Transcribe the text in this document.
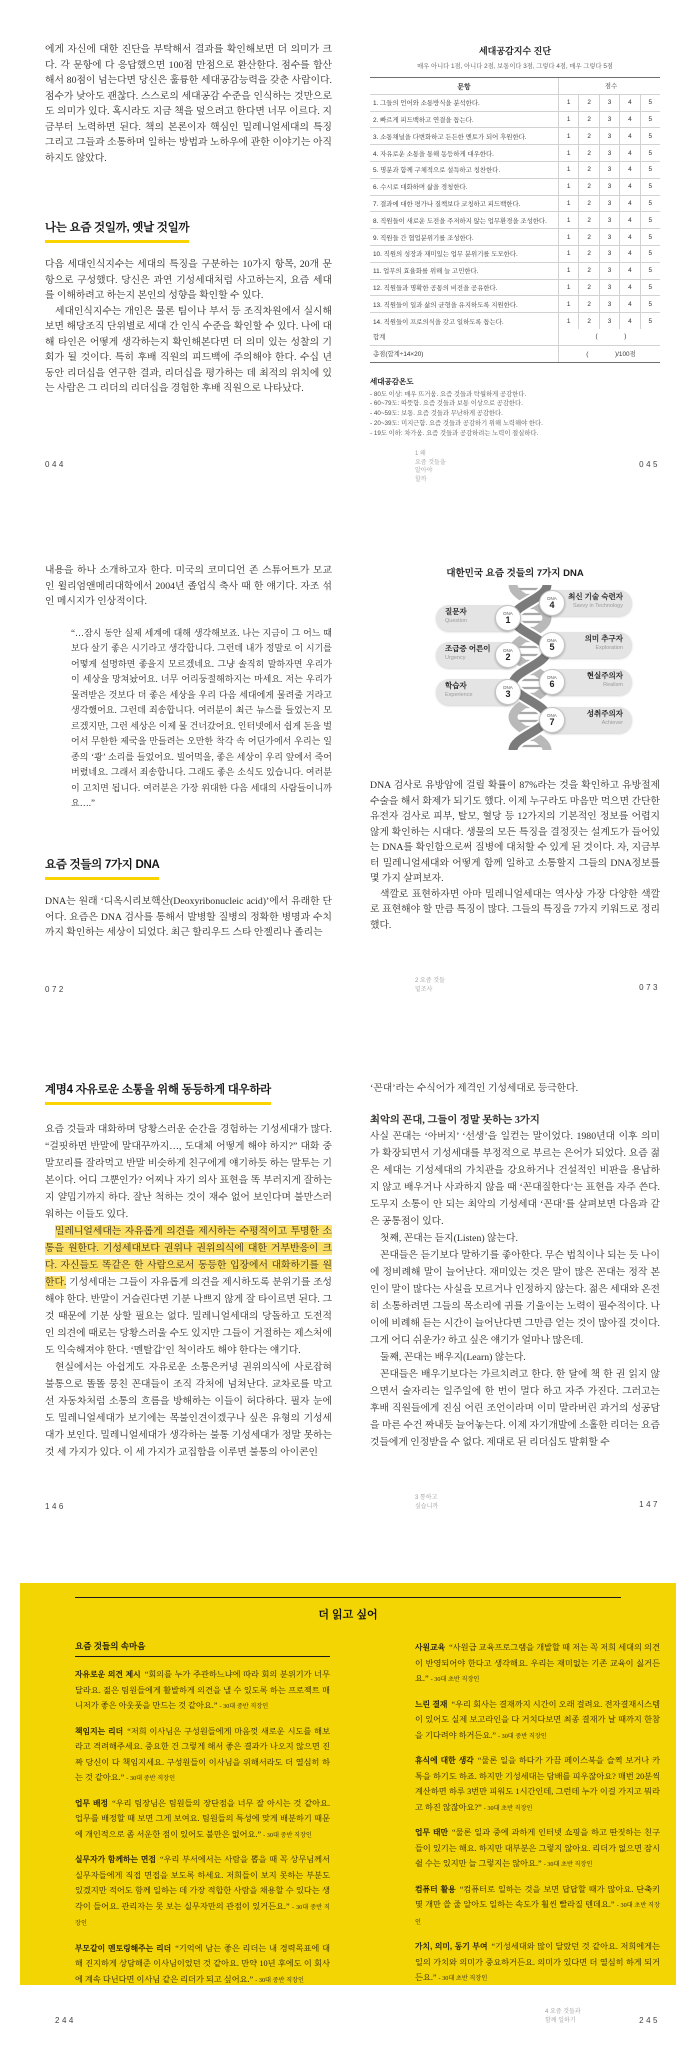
에게 자신에 대한 진단을 부탁해서 결과를 확인해보면 더 의미가 크다. 각 문항에 다 응답했으면 100점 만점으로 환산한다. 점수를 합산해서 80점이 넘는다면 당신은 훌륭한 세대공감능력을 갖춘 사람이다. 점수가 낮아도 괜찮다. 스스로의 세대공감 수준을 인식하는 것만으로도 의미가 있다. 혹시라도 지금 책을 덮으려고 한다면 너무 이르다. 지금부터 노력하면 된다. 책의 본론이자 핵심인 밀레니얼세대의 특징 그리고 그들과 소통하며 일하는 방법과 노하우에 관한 이야기는 아직 하지도 않았다.

나는 요즘 것일까, 옛날 것일까

다음 세대인식지수는 세대의 특징을 구분하는 10가지 항목, 20개 문항으로 구성했다. 당신은 과연 기성세대처럼 사고하는지, 요즘 세대를 이해하려고 하는지 본인의 성향을 확인할 수 있다.

세대인식지수는 개인은 물론 팀이나 부서 등 조직차원에서 실시해보면 해당조직 단위별로 세대 간 인식 수준을 확인할 수 있다. 나에 대해 타인은 어떻게 생각하는지 확인해본다면 더 의미 있는 성찰의 기회가 될 것이다. 특히 후배 직원의 피드백에 주의해야 한다. 수십 년 동안 리더십을 연구한 결과, 리더십을 평가하는 데 최적의 위치에 있는 사람은 그 리더의 리더십을 경험한 후배 직원으로 나타났다.

세대공감지수 진단
매우 아니다 1점, 아니다 2점, 보통이다 3점, 그렇다 4점, 매우 그렇다 5점
문항	점수
1. 그들의 언어와 소통방식을 분석한다.	1	2	3	4	5
2. 빠르게 피드백하고 연결을 돕는다.	1	2	3	4	5
3. 소통채널을 다변화하고 든든한 멘토가 되어 후원한다.	1	2	3	4	5
4. 자유로운 소통을 통해 동등하게 대우한다.	1	2	3	4	5
5. 명분과 함께 구체적으로 설득하고 칭찬한다.	1	2	3	4	5
6. 수시로 대화하며 삶을 경청한다.	1	2	3	4	5
7. 결과에 대한 평가나 질책보다 코칭하고 피드백한다.	1	2	3	4	5
8. 직원들이 새로운 도전을 주저하지 않는 업무환경을 조성한다.	1	2	3	4	5
9. 직원들 간 협업분위기를 조성한다.	1	2	3	4	5
10. 직원의 성장과 재미있는 업무 분위기를 도모한다.	1	2	3	4	5
11. 업무의 효율화를 위해 늘 고민한다.	1	2	3	4	5
12. 직원들과 명확한 공통의 비전을 공유한다.	1	2	3	4	5
13. 직원들이 일과 삶의 균형을 유지하도록 지원한다.	1	2	3	4	5
14. 직원들이 프로의식을 갖고 일하도록 돕는다.	1	2	3	4	5
합계	(               )
총점(합계÷14×20)	(               )/100점
세대공감온도
- 80도 이상: 매우 뜨거움. 요즘 것들과 탁월하게 공감한다.
- 60~79도: 따뜻함. 요즘 것들과 보통 이상으로 공감한다.
- 40~59도: 보통. 요즘 것들과 무난하게 공감한다.
- 20~39도: 미지근함. 요즘 것들과 공감하기 위해 노력해야 한다.
- 19도 이하: 차가움. 요즘 것들과 공감하려는 노력이 절실하다.
044
1 왜
요즘 것들을
알아야
할까
045

내용을 하나 소개하고자 한다. 미국의 코미디언 존 스튜어트가 모교인 윌리엄앤메리대학에서 2004년 졸업식 축사 때 한 얘기다. 자조 섞인 메시지가 인상적이다.

“…잠시 동안 실제 세계에 대해 생각해보죠. 나는 지금이 그 어느 때보다 살기 좋은 시기라고 생각합니다. 그런데 내가 정말로 이 시기를 어떻게 설명하면 좋을지 모르겠네요. 그냥 솔직히 말하자면 우리가 이 세상을 망쳐놨어요. 너무 어리둥절해하지는 마세요. 저는 우리가 물려받은 것보다 더 좋은 세상을 우리 다음 세대에게 물려줄 거라고 생각했어요. 그런데 죄송합니다. 여러분이 최근 뉴스를 들었는지 모르겠지만, 그런 세상은 이제 물 건너갔어요. 인터넷에서 쉽게 돈을 벌어서 무한한 제국을 만들려는 오만한 착각 속 어딘가에서 우리는 일종의 ‘쾅’ 소리를 들었어요. 빌어먹을, 좋은 세상이 우리 앞에서 죽어버렸네요. 그래서 죄송합니다. 그래도 좋은 소식도 있습니다. 여러분이 고치면 됩니다. 여러분은 가장 위대한 다음 세대의 사람들이니까요….”

요즘 것들의 7가지 DNA

DNA는 원래 ‘디옥시리보핵산(Deoxyribonucleic acid)’에서 유래한 단어다. 요즘은 DNA 검사를 통해서 발병할 질병의 정확한 병명과 수치까지 확인하는 세상이 되었다. 최근 할리우드 스타 안젤리나 졸리는

대한민국 요즘 것들의 7가지 DNA
질문자
Question
조급증 어른이
Urgency
학습자
Experience
최신 기술 숙련자
Savvy in Technology
의미 추구자
Exploration
현실주의자
Realism
성취주의자
Achiever
DNA
1
DNA
2
DNA
3
DNA
4
DNA
5
DNA
6
DNA
7

DNA 검사로 유방암에 걸릴 확률이 87%라는 것을 확인하고 유방절제수술을 해서 화제가 되기도 했다. 이제 누구라도 마음만 먹으면 간단한 유전자 검사로 피부, 탈모, 혈당 등 12가지의 기본적인 정보를 어렵지 않게 확인하는 시대다. 생물의 모든 특징을 결정짓는 설계도가 들어있는 DNA를 확인함으로써 질병에 대처할 수 있게 된 것이다. 자, 지금부터 밀레니얼세대와 어떻게 함께 일하고 소통할지 그들의 DNA정보를 몇 가지 살펴보자.

색깔로 표현하자면 아마 밀레니얼세대는 역사상 가장 다양한 색깔로 표현해야 할 만큼 특징이 많다. 그들의 특징을 7가지 키워드로 정리했다.

072
2 요즘 것들
밑조사	073

계명4 자유로운 소통을 위해 동등하게 대우하라

요즘 것들과 대화하며 당황스러운 순간을 경험하는 기성세대가 많다. “걸핏하면 반말에 말대꾸까지…, 도대체 어떻게 해야 하지?” 대화 중 말꼬리를 잘라먹고 반말 비슷하게 친구에게 얘기하듯 하는 말투는 기본이다. 어디 그뿐인가? 어찌나 자기 의사 표현을 똑 부러지게 잘하는지 얄밉기까지 하다. 잘난 척하는 것이 재수 없어 보인다며 불만스러워하는 이들도 있다.

밀레니얼세대는 자유롭게 의견을 제시하는 수평적이고 투명한 소통을 원한다. 기성세대보다 권위나 권위의식에 대한 거부반응이 크다. 자신들도 똑같은 한 사람으로서 동등한 입장에서 대화하기를 원한다. 기성세대는 그들이 자유롭게 의견을 제시하도록 분위기를 조성해야 한다. 반말이 거슬린다면 기분 나쁘지 않게 잘 타이르면 된다. 그것 때문에 기분 상할 필요는 없다. 밀레니얼세대의 당돌하고 도전적인 의견에 때로는 당황스러울 수도 있지만 그들이 거절하는 제스처에도 익숙해져야 한다. ‘멘탈갑’인 척이라도 해야 한다는 얘기다.

현실에서는 아쉽게도 자유로운 소통은커녕 권위의식에 사로잡혀 불통으로 똘똘 뭉친 꼰대들이 조직 각처에 넘쳐난다. 교차로를 막고 선 자동차처럼 소통의 흐름을 방해하는 이들이 허다하다. 필자 눈에도 밀레니얼세대가 보기에는 목불인견이겠구나 싶은 유형의 기성세대가 보인다. 밀레니얼세대가 생각하는 불통 기성세대가 정말 못하는 것 세 가지가 있다. 이 세 가지가 교집합을 이루면 불통의 아이콘인

‘꼰대’라는 수식어가 제격인 기성세대로 등극한다.

최악의 꼰대, 그들이 정말 못하는 3가지

사실 꼰대는 ‘아버지’ ‘선생’을 일컫는 말이었다. 1980년대 이후 의미가 확장되면서 기성세대를 부정적으로 부르는 은어가 되었다. 요즘 젊은 세대는 기성세대의 가치관을 강요하거나 건설적인 비판을 용납하지 않고 배우거나 사과하지 않을 때 ‘꼰대질한다’는 표현을 자주 쓴다. 도무지 소통이 안 되는 최악의 기성세대 ‘꼰대’를 살펴보면 다음과 같은 공통점이 있다.

첫째, 꼰대는 듣지(Listen) 않는다.

꼰대들은 듣기보다 말하기를 좋아한다. 무슨 법칙이나 되는 듯 나이에 정비례해 말이 늘어난다. 재미있는 것은 말이 많은 꼰대는 정작 본인이 말이 많다는 사실을 모르거나 인정하지 않는다. 젊은 세대와 온전히 소통하려면 그들의 목소리에 귀를 기울이는 노력이 필수적이다. 나이에 비례해 듣는 시간이 늘어난다면 그만큼 얻는 것이 많아질 것이다. 그게 어디 쉬운가? 하고 싶은 얘기가 얼마나 많은데.

둘째, 꼰대는 배우지(Learn) 않는다.

꼰대들은 배우기보다는 가르치려고 한다. 한 달에 책 한 권 읽지 않으면서 술자리는 일주일에 한 번이 멀다 하고 자주 가진다. 그러고는 후배 직원들에게 진심 어린 조언이라며 이미 말라버린 과거의 성공담을 마른 수건 짜내듯 늘어놓는다. 이제 자기개발에 소홀한 리더는 요즘 것들에게 인정받을 수 없다. 제대로 된 리더십도 발휘할 수

146
3 통하고
싶습니까	147
더 읽고 싶어
요즘 것들의 속마음

자유로운 의견 제시 “회의를 누가 주관하느냐에 따라 회의 분위기가 너무 달라요. 젊은 팀원들에게 활발하게 의견을 낼 수 있도록 하는 프로젝트 매니저가 좋은 아웃풋을 만드는 것 같아요.” - 30대 중반 직장인

책임지는 리더 “저희 이사님은 구성원들에게 마음껏 새로운 시도를 해보라고 격려해주세요. 중요한 건 그렇게 해서 좋은 결과가 나오지 않으면 진짜 당신이 다 책임지세요. 구성원들이 이사님을 위해서라도 더 열심히 하는 것 같아요.” - 30대 중반 직장인

업무 배정 “우리 팀장님은 팀원들의 장단점을 너무 잘 아시는 것 같아요. 업무를 배정할 때 보면 그게 보여요. 팀원들의 특성에 맞게 배분하기 때문에 개인적으로 좀 서운한 점이 있어도 불만은 없어요.” - 30대 중반 직장인

실무자가 함께하는 면접 “우리 부서에서는 사람을 뽑을 때 꼭 상무님께서 실무자들에게 직접 면접을 보도록 하세요. 저희들이 보지 못하는 부분도 있겠지만 적어도 함께 일하는 데 가장 적합한 사람을 채용할 수 있다는 생각이 들어요. 관리자는 못 보는 실무자만의 관점이 있거든요.” - 30대 중반 직장인

부모같이 멘토링해주는 리더 “기억에 남는 좋은 리더는 내 경력목표에 대해 진지하게 상담해준 이사님이었던 것 같아요. 만약 10년 후에도 이 회사에 계속 다닌다면 이사님 같은 리더가 되고 싶어요.” - 30대 중반 직장인

사원교육 “사원급 교육프로그램을 개발할 때 저는 꼭 저희 세대의 의견이 반영되어야 한다고 생각해요. 우리는 재미없는 기존 교육이 싫거든요.” - 30대 초반 직장인

느린 결재 “우리 회사는 결재까지 시간이 오래 걸려요. 전자결재시스템이 있어도 실제 보고라인을 다 거치다보면 최종 결재가 날 때까지 한참을 기다려야 하거든요.” - 30대 중반 직장인

휴식에 대한 생각 “물론 일을 하다가 가끔 페이스북을 슬쩍 보거나 카톡을 하기도 하죠. 하지만 기성세대는 담배를 피우잖아요? 매번 20분씩 계산하면 하루 3번만 피워도 1시간인데, 그런데 누가 이걸 가지고 뭐라고 하진 않잖아요?” - 30대 초반 직장인

업무 태만 “물론 일과 중에 과하게 인터넷 쇼핑을 하고 딴짓하는 친구들이 있기는 해요. 하지만 대부분은 그렇지 않아요. 리더가 없으면 잠시 쉴 수는 있지만 늘 그렇지는 않아요.” - 30대 초반 직장인

컴퓨터 활용 “컴퓨터로 일하는 것을 보면 답답할 때가 많아요. 단축키 몇 개만 쓸 줄 알아도 일하는 속도가 훨씬 빨라질 텐데요.” - 30대 초반 직장인

가치, 의미, 동기 부여 “기성세대와 많이 달랐던 것 같아요. 저희에게는 일의 가치와 의미가 중요하거든요. 의미가 있다면 더 열심히 하게 되거든요.” - 30대 초반 직장인

244
4 요즘 것들과
함께 일하기	245
